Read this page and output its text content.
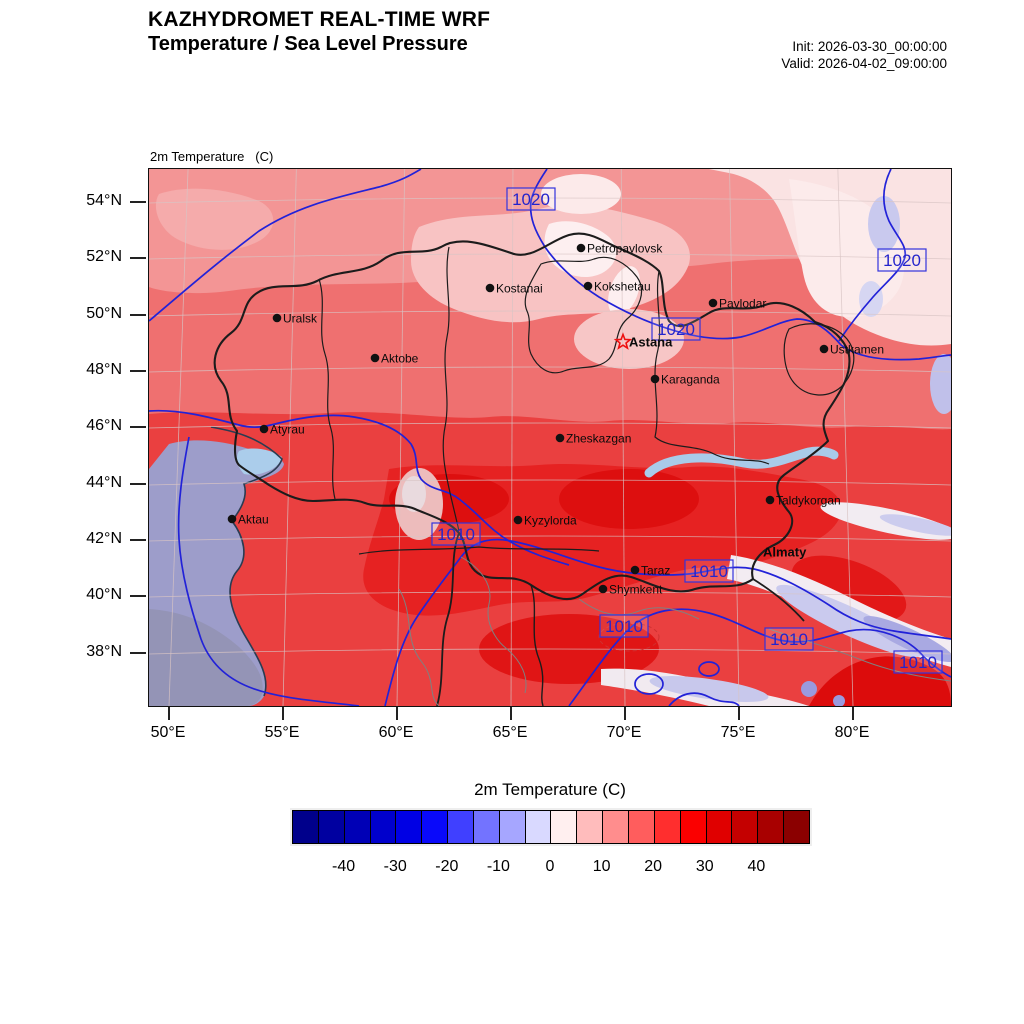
KAZHYDROMET REAL-TIME WRF
Temperature / Sea Level Pressure	Init: 2026-03-30_00:00:00
Valid: 2026-04-02_09:00:00

2m Temperature   (C)

1020
1020
1020
1010
1010
1010
1010
1010
Petropavlovsk
Kostanai	Kokshetau
Pavlodar
Uralsk
Astana	Ustkamen
Aktobe
Karaganda
Atyrau
Zheskazgan
Taldykorgan
Aktau	Kyzylorda
Almaty
Taraz
Shymkent
54°N
52°N
50°N
48°N
46°N
44°N
42°N
40°N
38°N
50°E	55°E	60°E	65°E	70°E	75°E	80°E
2m Temperature (C)
-40	-30	-20	-10	0	10	20	30	40
